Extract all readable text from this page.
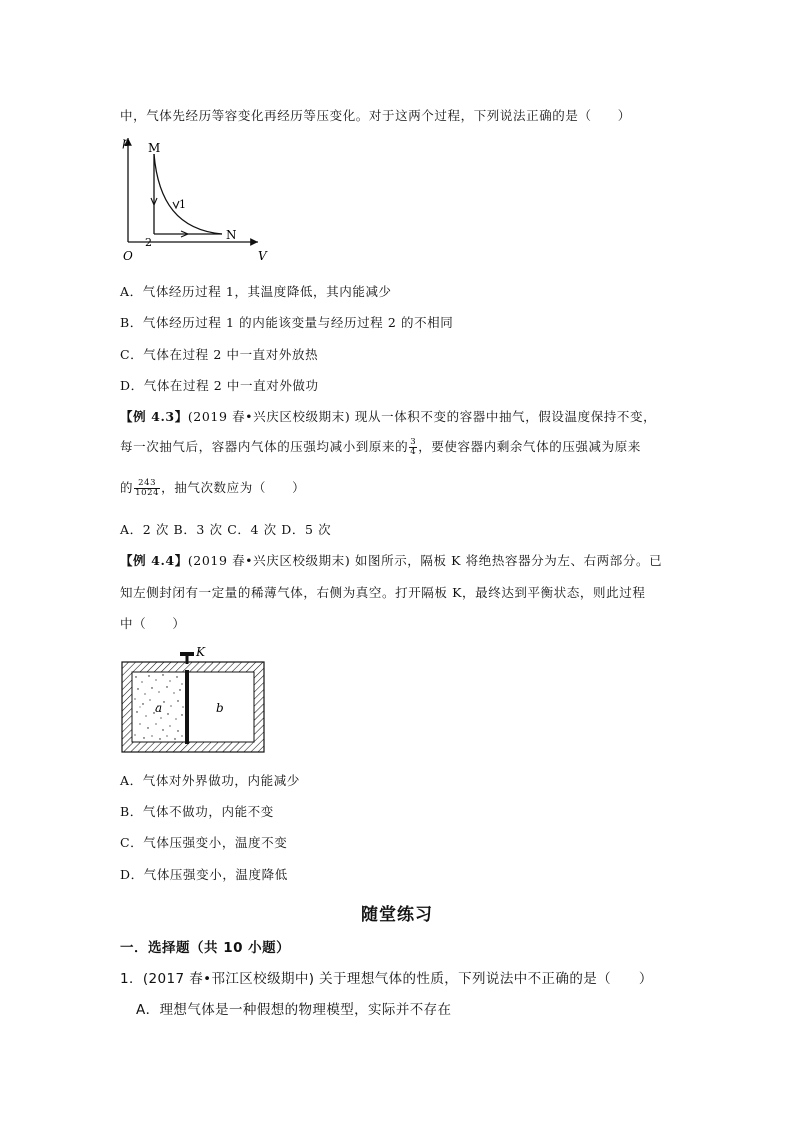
中，气体先经历等容变化再经历等压变化。对于这两个过程，下列说法正确的是（　　）
p
V
O
M
N
1
2
A．气体经历过程 1，其温度降低，其内能减少
B．气体经历过程 1 的内能该变量与经历过程 2 的不相同
C．气体在过程 2 中一直对外放热
D．气体在过程 2 中一直对外做功
【例 4.3】(2019 春•兴庆区校级期末) 现从一体积不变的容器中抽气，假设温度保持不变，
每一次抽气后，容器内气体的压强均减小到原来的 $\frac{3}{4}$ ，要使容器内剩余气体的压强减为原来
的 $\frac{243}{1024}$ ，抽气次数应为（　　）
A．2 次 B．3 次 C．4 次 D．5 次
【例 4.4】(2019 春•兴庆区校级期末) 如图所示，隔板 K 将绝热容器分为左、右两部分。已
知左侧封闭有一定量的稀薄气体，右侧为真空。打开隔板 K，最终达到平衡状态，则此过程
中（　　）
K
a	b
A．气体对外界做功，内能减少
B．气体不做功，内能不变
C．气体压强变小，温度不变
D．气体压强变小，温度降低
随堂练习
一．选择题（共 10 小题）
1．(2017 春•邗江区校级期中) 关于理想气体的性质，下列说法中不正确的是（　　）
A．理想气体是一种假想的物理模型，实际并不存在
